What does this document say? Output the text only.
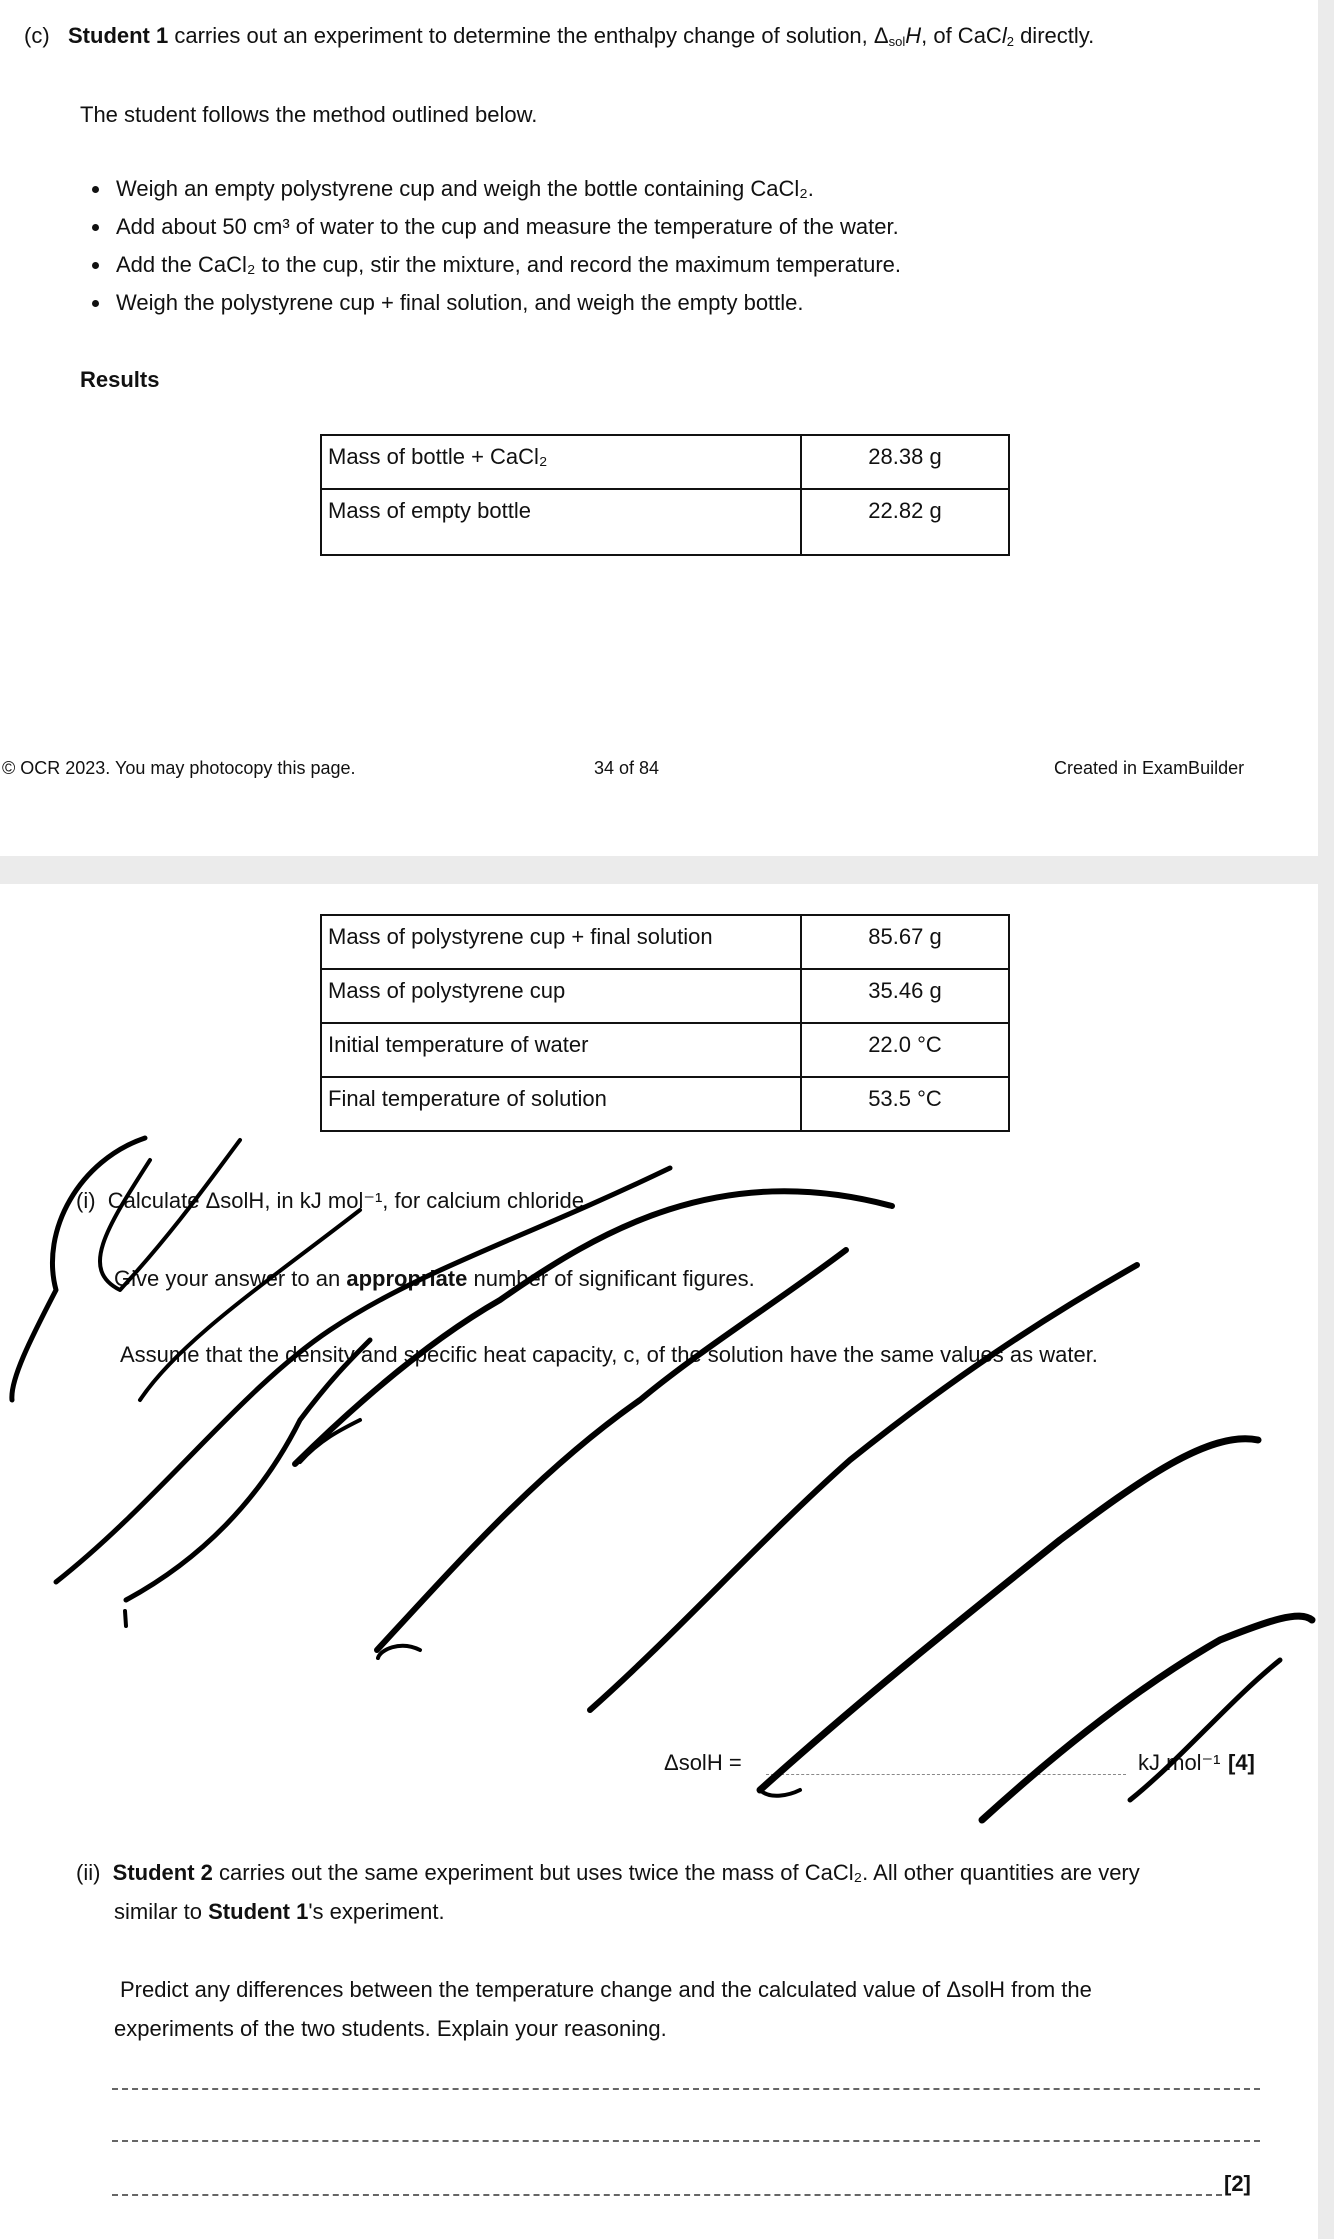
(c) Student 1 carries out an experiment to determine the enthalpy change of solution, $\Delta_{sol}H$, of CaCl$_2$ directly.
The student follows the method outlined below.
• Weigh an empty polystyrene cup and weigh the bottle containing CaCl₂.
• Add about 50 cm³ of water to the cup and measure the temperature of the water.
• Add the CaCl₂ to the cup, stir the mixture, and record the maximum temperature.
• Weigh the polystyrene cup + final solution, and weigh the empty bottle.
Results
Mass of bottle + CaCl₂	28.38 g
Mass of empty bottle	22.82 g
© OCR 2023. You may photocopy this page.	34 of 84	Created in ExamBuilder
Mass of polystyrene cup + final solution	85.67 g
Mass of polystyrene cup	35.46 g
Initial temperature of water	22.0 °C
Final temperature of solution	53.5 °C
(i) Calculate ΔsolH, in kJ mol⁻¹, for calcium chloride.
Give your answer to an appropriate number of significant figures.
Assume that the density and specific heat capacity, c, of the solution have the same values as water.
ΔsolH =	kJ mol⁻¹ [4]
(ii) Student 2 carries out the same experiment but uses twice the mass of CaCl₂. All other quantities are very
similar to Student 1's experiment.
Predict any differences between the temperature change and the calculated value of ΔsolH from the
experiments of the two students. Explain your reasoning.
[2]
